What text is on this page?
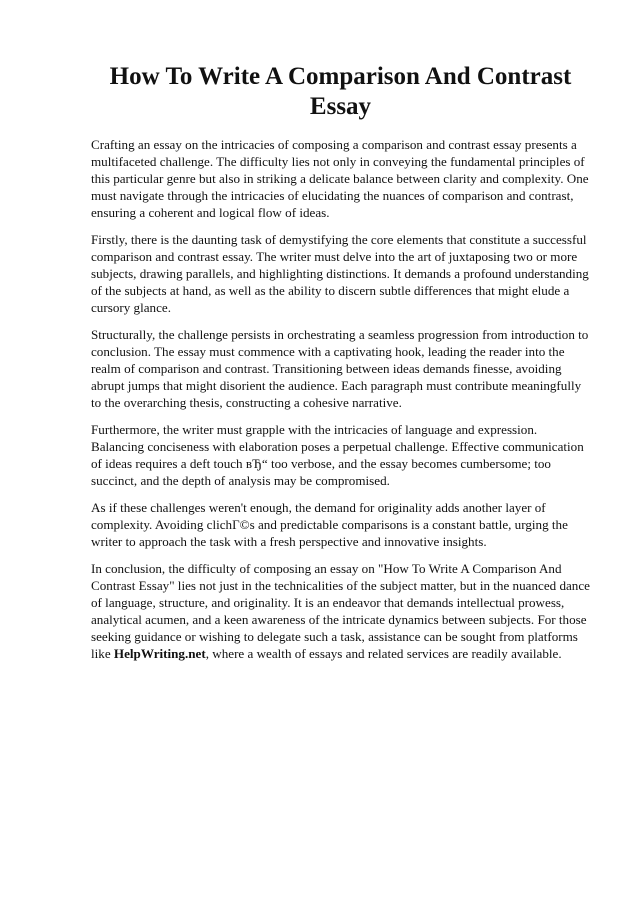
How To Write A Comparison And Contrast Essay

Crafting an essay on the intricacies of composing a comparison and contrast essay presents a multifaceted challenge. The difficulty lies not only in conveying the fundamental principles of this particular genre but also in striking a delicate balance between clarity and complexity. One must navigate through the intricacies of elucidating the nuances of comparison and contrast, ensuring a coherent and logical flow of ideas.

Firstly, there is the daunting task of demystifying the core elements that constitute a successful comparison and contrast essay. The writer must delve into the art of juxtaposing two or more subjects, drawing parallels, and highlighting distinctions. It demands a profound understanding of the subjects at hand, as well as the ability to discern subtle differences that might elude a cursory glance.

Structurally, the challenge persists in orchestrating a seamless progression from introduction to conclusion. The essay must commence with a captivating hook, leading the reader into the realm of comparison and contrast. Transitioning between ideas demands finesse, avoiding abrupt jumps that might disorient the audience. Each paragraph must contribute meaningfully to the overarching thesis, constructing a cohesive narrative.

Furthermore, the writer must grapple with the intricacies of language and expression. Balancing conciseness with elaboration poses a perpetual challenge. Effective communication of ideas requires a deft touch вЂ“ too verbose, and the essay becomes cumbersome; too succinct, and the depth of analysis may be compromised.

As if these challenges weren't enough, the demand for originality adds another layer of complexity. Avoiding clichГ©s and predictable comparisons is a constant battle, urging the writer to approach the task with a fresh perspective and innovative insights.

In conclusion, the difficulty of composing an essay on "How To Write A Comparison And Contrast Essay" lies not just in the technicalities of the subject matter, but in the nuanced dance of language, structure, and originality. It is an endeavor that demands intellectual prowess, analytical acumen, and a keen awareness of the intricate dynamics between subjects. For those seeking guidance or wishing to delegate such a task, assistance can be sought from platforms like HelpWriting.net, where a wealth of essays and related services are readily available.
